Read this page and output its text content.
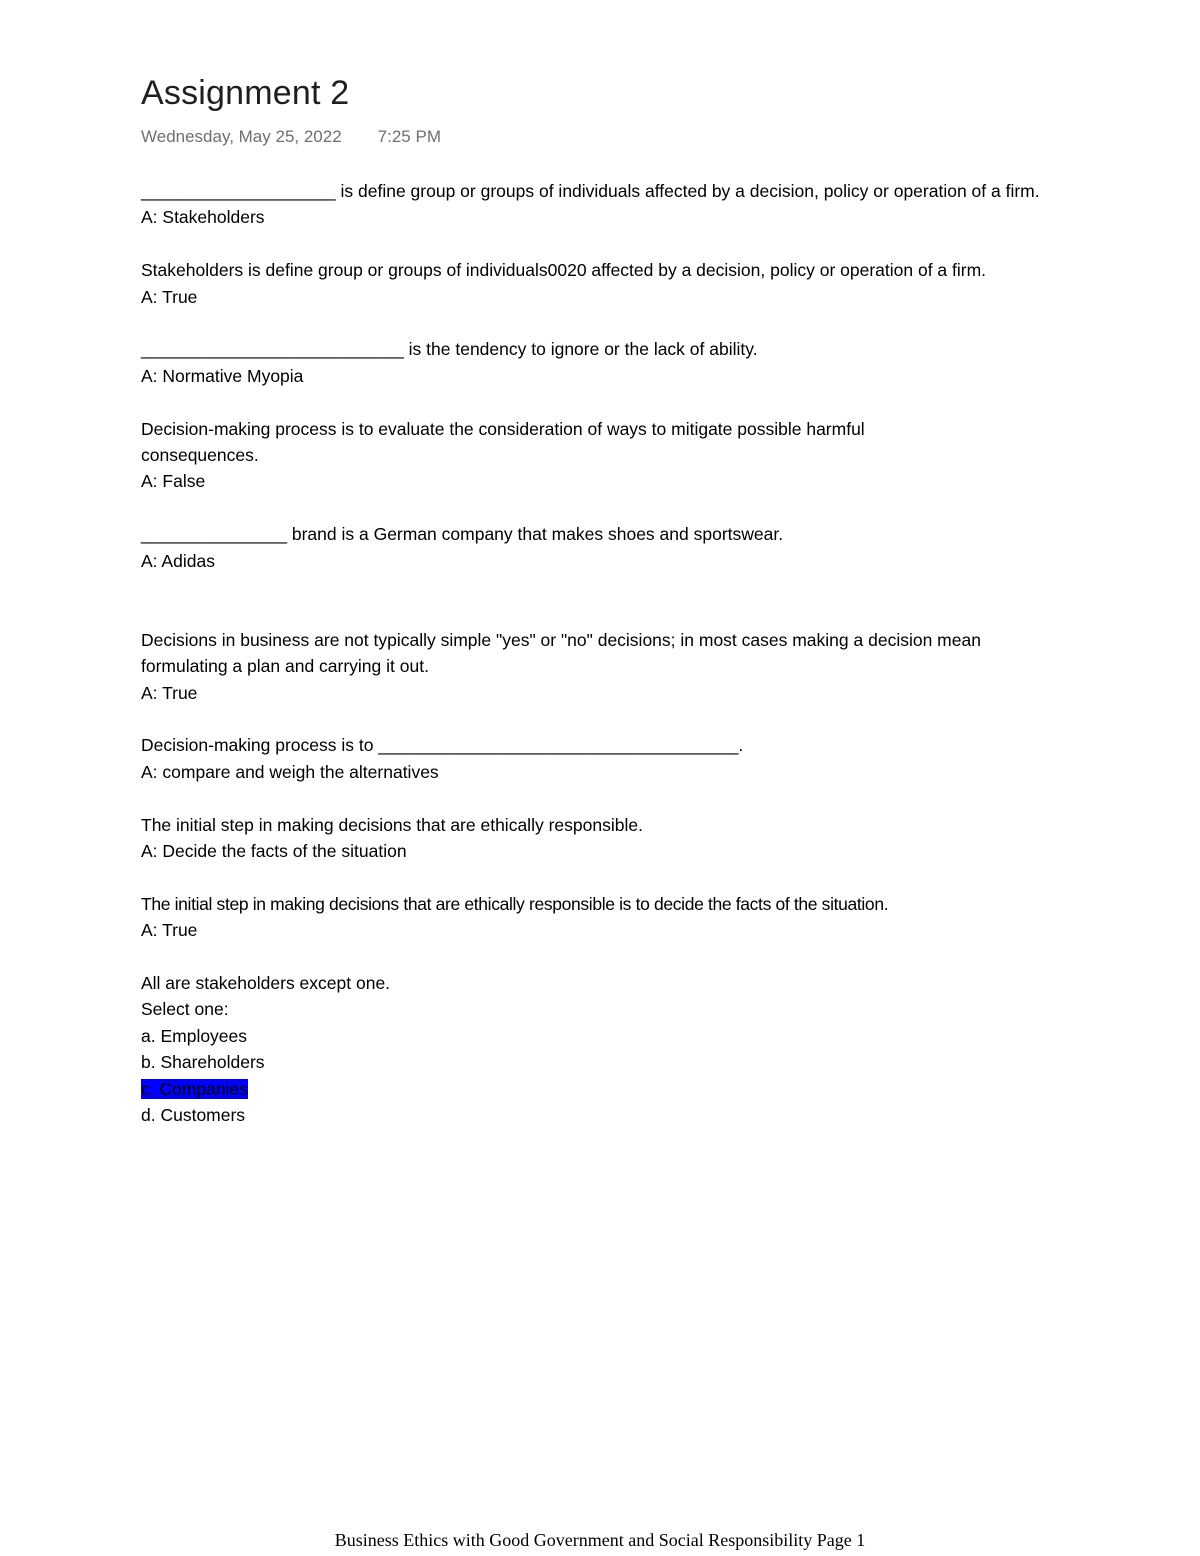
Assignment 2
Wednesday, May 25, 2022 7:25 PM

____________________ is define group or groups of individuals affected by a decision, policy or operation of a firm.

A: Stakeholders

Stakeholders is define group or groups of individuals0020 affected by a decision, policy or operation of a firm.

A: True

___________________________ is the tendency to ignore or the lack of ability.

A: Normative Myopia

Decision-making process is to evaluate the consideration of ways to mitigate possible harmful consequences.

A: False

_______________ brand is a German company that makes shoes and sportswear.

A: Adidas

Decisions in business are not typically simple "yes" or "no" decisions; in most cases making a decision mean formulating a plan and carrying it out.

A: True

Decision-making process is to _____________________________________.

A: compare and weigh the alternatives

The initial step in making decisions that are ethically responsible.

A: Decide the facts of the situation

The initial step in making decisions that are ethically responsible is to decide the facts of the situation.

A: True

All are stakeholders except one.

Select one:

a. Employees

b. Shareholders

c. Companies

d. Customers

Business Ethics with Good Government and Social Responsibility Page 1
